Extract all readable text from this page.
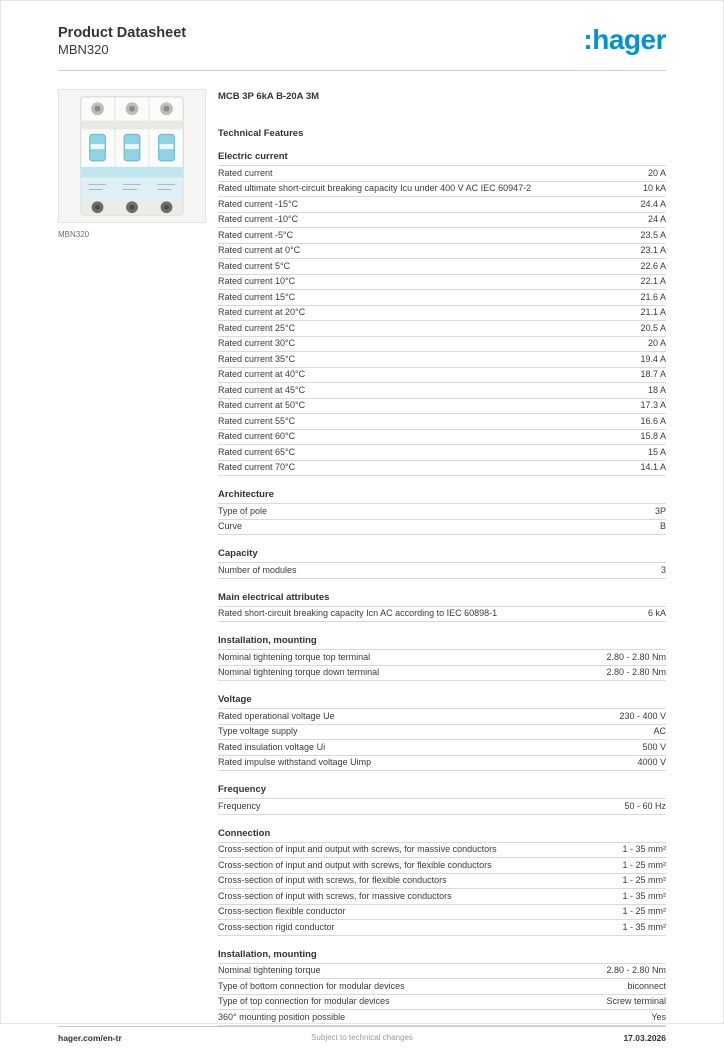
Product Datasheet
MBN320	:hager
MBN320
MCB 3P 6kA B-20A 3M
Technical Features
Electric current
Rated current	20 A
Rated ultimate short-circuit breaking capacity Icu under 400 V AC IEC 60947-2	10 kA
Rated current -15°C	24.4 A
Rated current -10°C	24 A
Rated current -5°C	23.5 A
Rated current at 0°C	23.1 A
Rated current 5°C	22.6 A
Rated current 10°C	22.1 A
Rated current 15°C	21.6 A
Rated current at 20°C	21.1 A
Rated current 25°C	20.5 A
Rated current 30°C	20 A
Rated current 35°C	19.4 A
Rated current at 40°C	18.7 A
Rated current at 45°C	18 A
Rated current at 50°C	17.3 A
Rated current 55°C	16.6 A
Rated current 60°C	15.8 A
Rated current 65°C	15 A
Rated current 70°C	14.1 A
Architecture
Type of pole	3P
Curve	B
Capacity
Number of modules	3
Main electrical attributes
Rated short-circuit breaking capacity Icn AC according to IEC 60898-1	6 kA
Installation, mounting
Nominal tightening torque top terminal	2.80 - 2.80 Nm
Nominal tightening torque down terminal	2.80 - 2.80 Nm
Voltage
Rated operational voltage Ue	230 - 400 V
Type voltage supply	AC
Rated insulation voltage Ui	500 V
Rated impulse withstand voltage Uimp	4000 V
Frequency
Frequency	50 - 60 Hz
Connection
Cross-section of input and output with screws, for massive conductors	1 - 35 mm²
Cross-section of input and output with screws, for flexible conductors	1 - 25 mm²
Cross-section of input with screws, for flexible conductors	1 - 25 mm²
Cross-section of input with screws, for massive conductors	1 - 35 mm²
Cross-section flexible conductor	1 - 25 mm²
Cross-section rigid conductor	1 - 35 mm²
Installation, mounting
Nominal tightening torque	2.80 - 2.80 Nm
Type of bottom connection for modular devices	biconnect
Type of top connection for modular devices	Screw terminal
360° mounting position possible	Yes
hager.com/en-tr	Subject to technical changes	17.03.2026
